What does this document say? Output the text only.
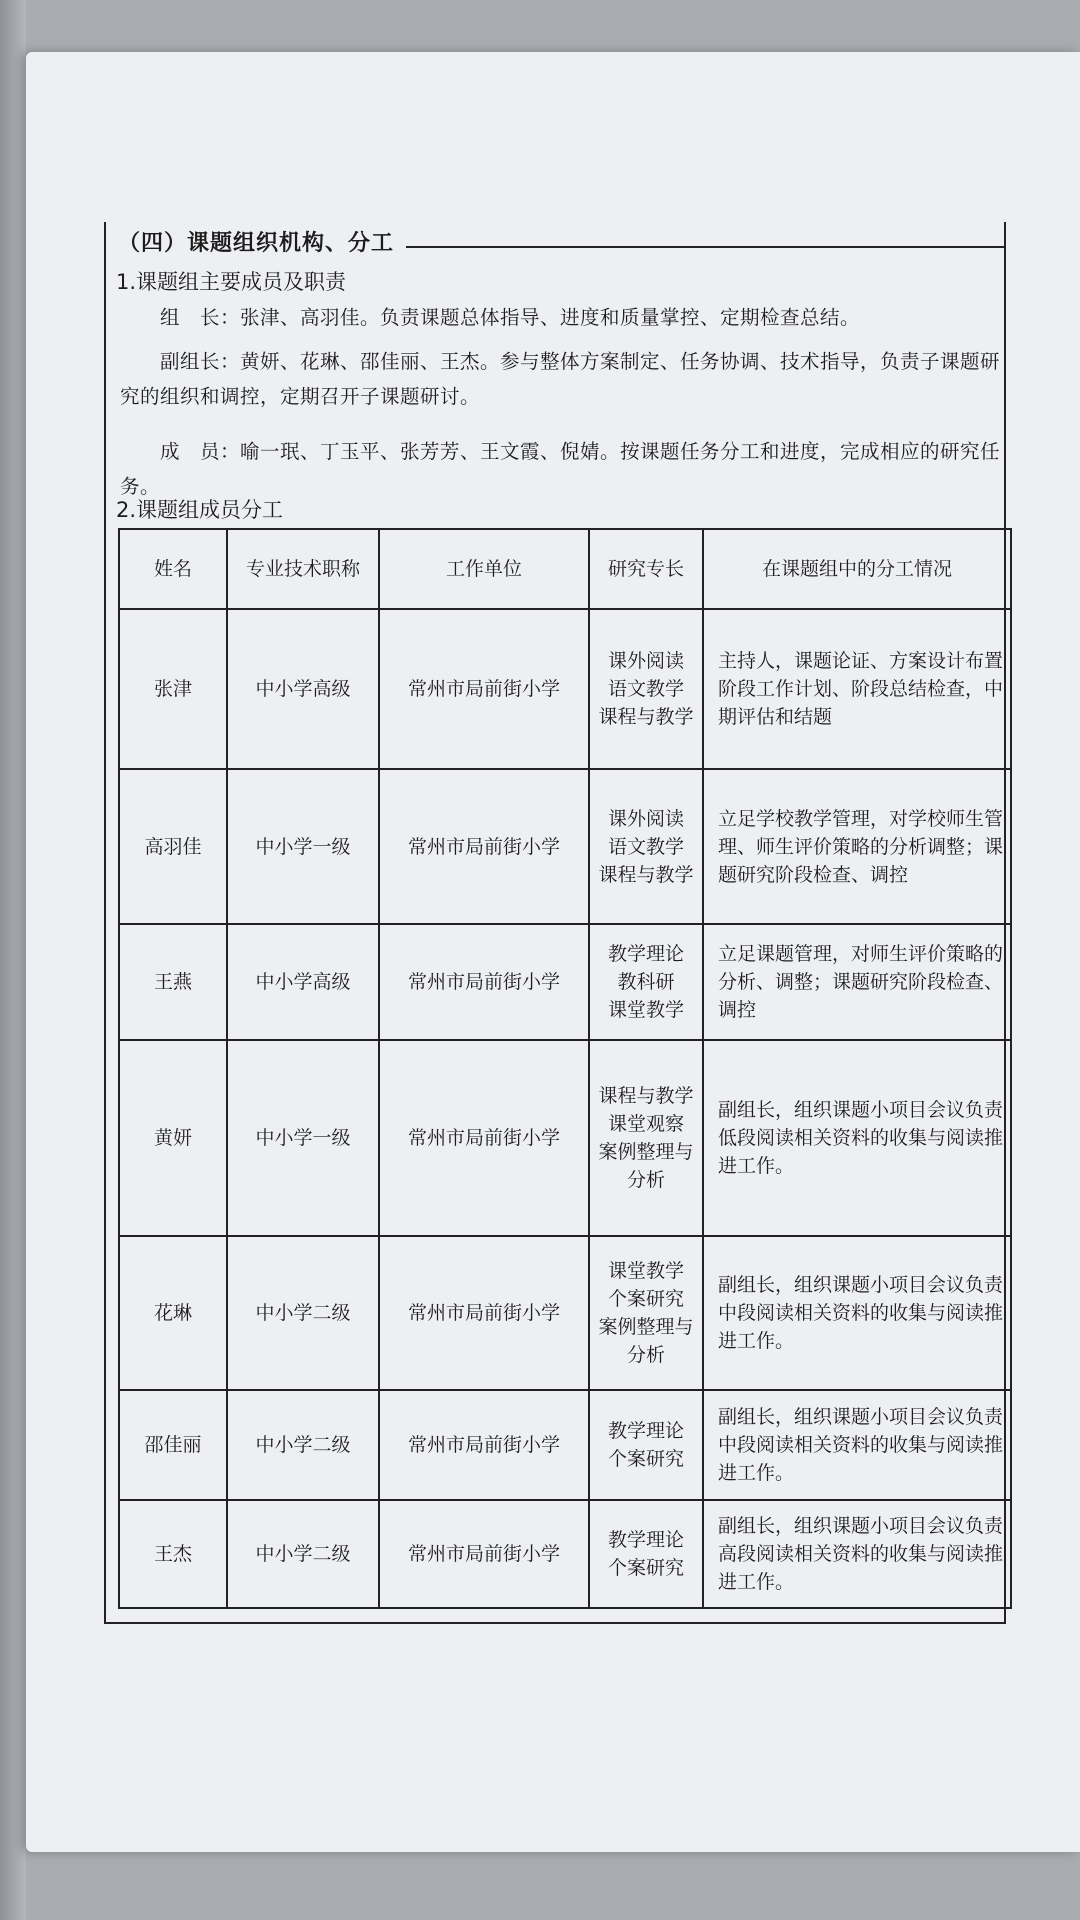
（四）课题组织机构、分工
1.课题组主要成员及职责
组　长：张津、高羽佳。负责课题总体指导、进度和质量掌控、定期检查总结。
副组长：黄妍、花琳、邵佳丽、王杰。参与整体方案制定、任务协调、技术指导，负责子课题研究的组织和调控，定期召开子课题研讨。
成　员：喻一珉、丁玉平、张芳芳、王文霞、倪婧。按课题任务分工和进度，完成相应的研究任务。
2.课题组成员分工
姓名	专业技术职称	工作单位	研究专长	在课题组中的分工情况
张津	中小学高级	常州市局前街小学	课外阅读
语文教学
课程与教学	主持人，课题论证、方案设计布置阶段工作计划、阶段总结检查，中期评估和结题
高羽佳	中小学一级	常州市局前街小学	课外阅读
语文教学
课程与教学	立足学校教学管理，对学校师生管理、师生评价策略的分析调整；课题研究阶段检查、调控
王燕	中小学高级	常州市局前街小学	教学理论
教科研
课堂教学	立足课题管理，对师生评价策略的分析、调整；课题研究阶段检查、调控
黄妍	中小学一级	常州市局前街小学	课程与教学
课堂观察
案例整理与分析	副组长，组织课题小项目会议负责低段阅读相关资料的收集与阅读推进工作。
花琳	中小学二级	常州市局前街小学	课堂教学
个案研究
案例整理与分析	副组长，组织课题小项目会议负责中段阅读相关资料的收集与阅读推进工作。
邵佳丽	中小学二级	常州市局前街小学	教学理论
个案研究	副组长，组织课题小项目会议负责中段阅读相关资料的收集与阅读推进工作。
王杰	中小学二级	常州市局前街小学	教学理论
个案研究	副组长，组织课题小项目会议负责高段阅读相关资料的收集与阅读推进工作。
